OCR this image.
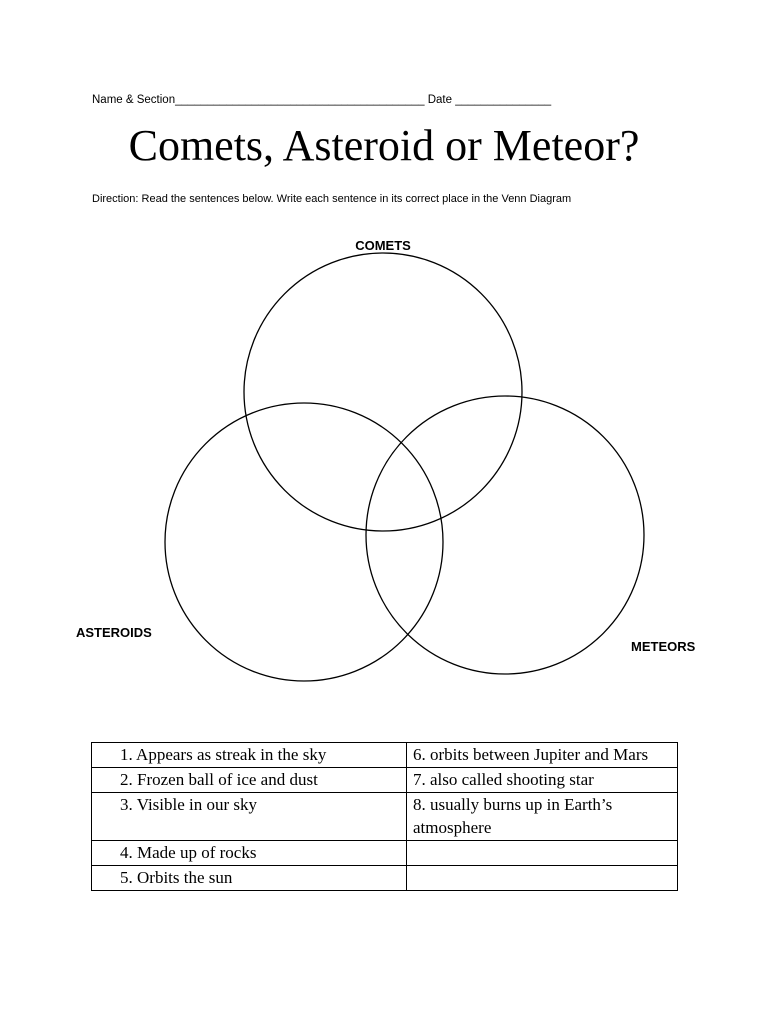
Name & Section_______________________________________ Date _______________
Comets, Asteroid or Meteor?
Direction: Read the sentences below. Write each sentence in its correct place in the Venn Diagram
COMETS
ASTEROIDS
METEORS
1. Appears as streak in the sky	6. orbits between Jupiter and Mars
2. Frozen ball of ice and dust	7. also called shooting star
3. Visible in our sky	8. usually burns up in Earth’s atmosphere
4. Made up of rocks	
5. Orbits the sun	
